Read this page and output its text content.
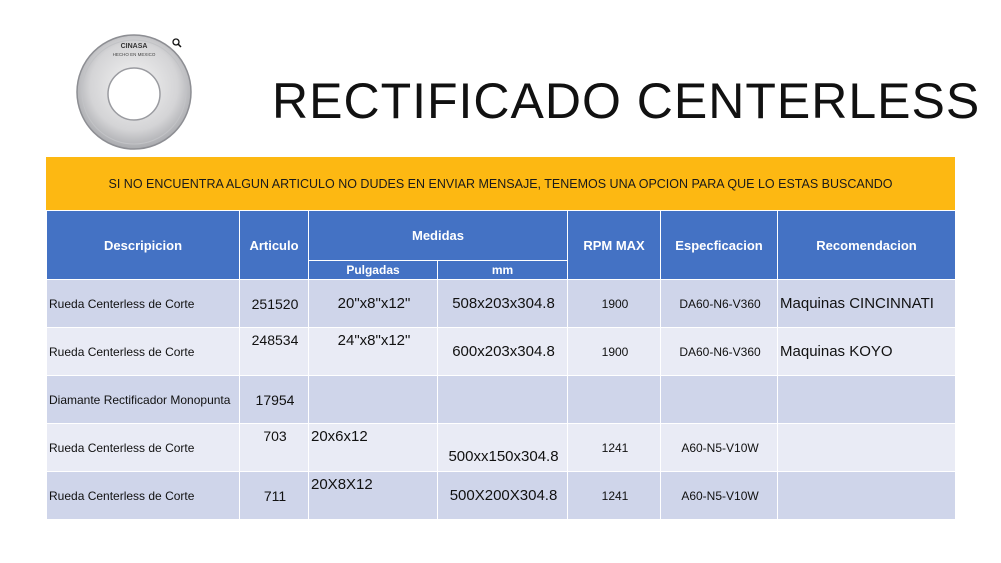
CINASA
HECHO EN MEXICO
RECTIFICADO CENTERLESS
SI NO ENCUENTRA ALGUN ARTICULO NO DUDES EN ENVIAR MENSAJE, TENEMOS UNA OPCION PARA QUE LO ESTAS BUSCANDO
Descripicion	Articulo	Medidas		RPM MAX	Especficacion	Recomendacion
		Pulgadas	mm			
Rueda Centerless de Corte	251520	20"x8"x12"	508x203x304.8	1900	DA60-N6-V360	Maquinas CINCINNATI
Rueda Centerless de Corte	248534	24"x8"x12"	600x203x304.8	1900	DA60-N6-V360	Maquinas KOYO
Diamante Rectificador Monopunta	17954					
Rueda Centerless de Corte	703	20x6x12	500xx150x304.8	1241	A60-N5-V10W	
Rueda Centerless de Corte	711	20X8X12	500X200X304.8	1241	A60-N5-V10W	
